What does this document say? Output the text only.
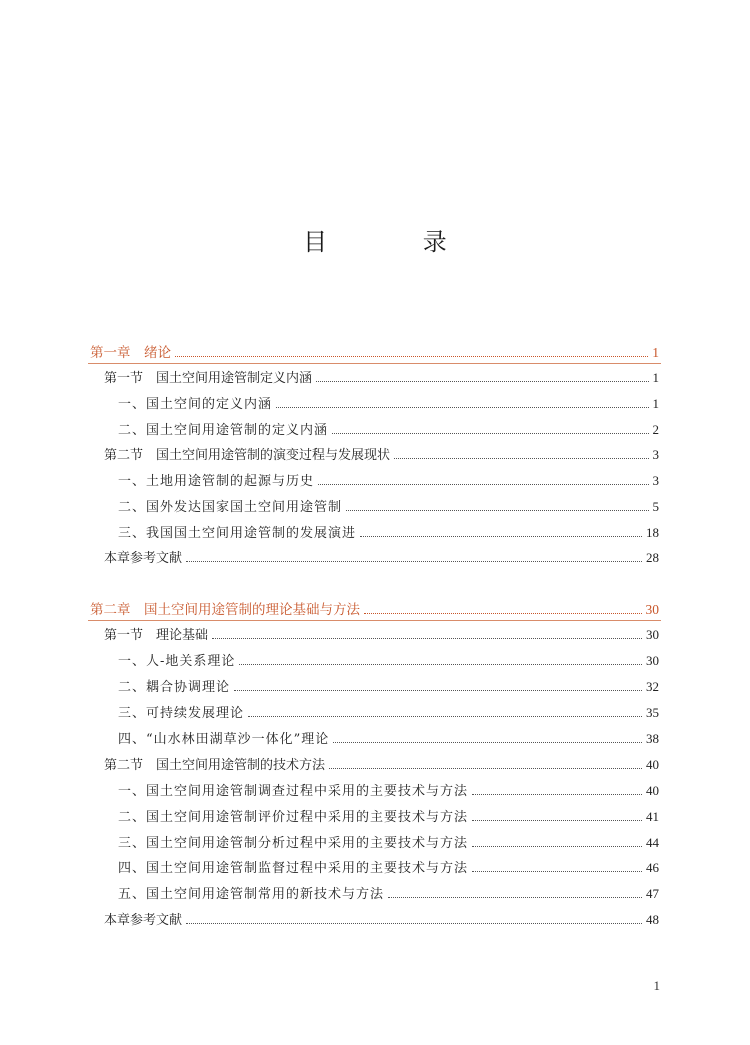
目 录
第一章　绪论	1
第一节　国土空间用途管制定义内涵	1
一、国土空间的定义内涵	1
二、国土空间用途管制的定义内涵	2
第二节　国土空间用途管制的演变过程与发展现状	3
一、土地用途管制的起源与历史	3
二、国外发达国家国土空间用途管制	5
三、我国国土空间用途管制的发展演进	18
本章参考文献	28
第二章　国土空间用途管制的理论基础与方法	30
第一节　理论基础	30
一、人-地关系理论	30
二、耦合协调理论	32
三、可持续发展理论	35
四、“山水林田湖草沙一体化”理论	38
第二节　国土空间用途管制的技术方法	40
一、国土空间用途管制调查过程中采用的主要技术与方法	40
二、国土空间用途管制评价过程中采用的主要技术与方法	41
三、国土空间用途管制分析过程中采用的主要技术与方法	44
四、国土空间用途管制监督过程中采用的主要技术与方法	46
五、国土空间用途管制常用的新技术与方法	47
本章参考文献	48
1
